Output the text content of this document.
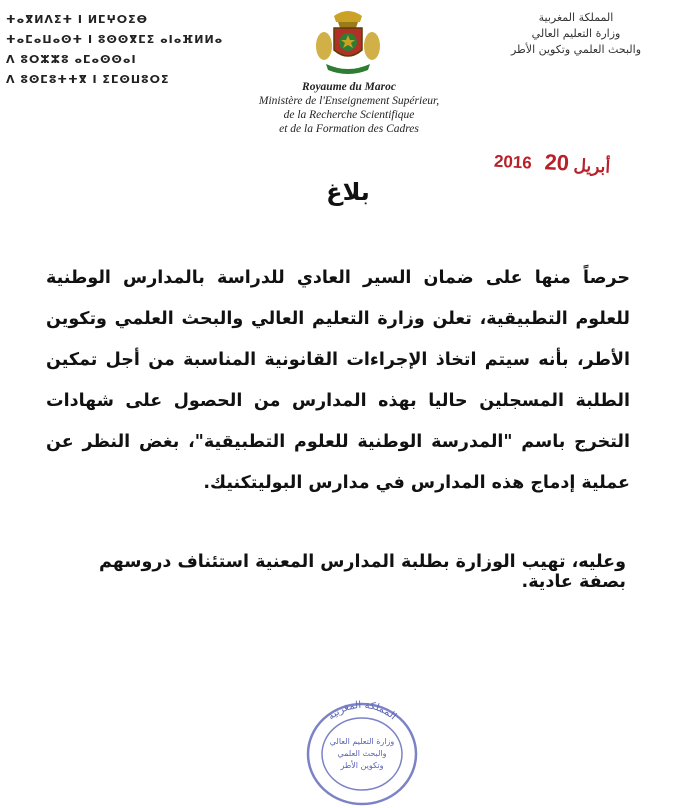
ⵜⴰⴳⵍⴷⵉⵜ ⵏ ⵍⵎⵖⵔⵉⴱ
ⵜⴰⵎⴰⵡⴰⵙⵜ ⵏ ⵓⵙⵙⴳⵎⵉ ⴰⵏⴰⴼⵍⵍⴰ
ⴷ ⵓⵔⵣⵣⵓ ⴰⵎⴰⵙⵙⴰⵏ
ⴷ ⵓⵙⵎⵓⵜⵜⴳ ⵏ ⵉⵎⵙⵡⵓⵔⵉ
المملكة المغربية
وزارة التعليم العالي
والبحث العلمي وتكوين الأطر
Royaume du Maroc
Ministère de l'Enseignement Supérieur,
de la Recherche Scientifique
et de la Formation des Cadres
2016 أبريل 20
بلاغ

حرصاً منها على ضمان السير العادي للدراسة بالمدارس الوطنية للعلوم التطبيقية، تعلن وزارة التعليم العالي والبحث العلمي وتكوين الأطر، بأنه سيتم اتخاذ الإجراءات القانونية المناسبة من أجل تمكين الطلبة المسجلين حاليا بهذه المدارس من الحصول على شهادات التخرج باسم "المدرسة الوطنية للعلوم التطبيقية"، بغض النظر عن عملية إدماج هذه المدارس في مدارس البوليتكنيك.

وعليه، تهيب الوزارة بطلبة المدارس المعنية استئناف دروسهم بصفة عادية.
المملكة المغربية
وزارة التعليم العالي
والبحث العلمي
وتكوين الأطر
